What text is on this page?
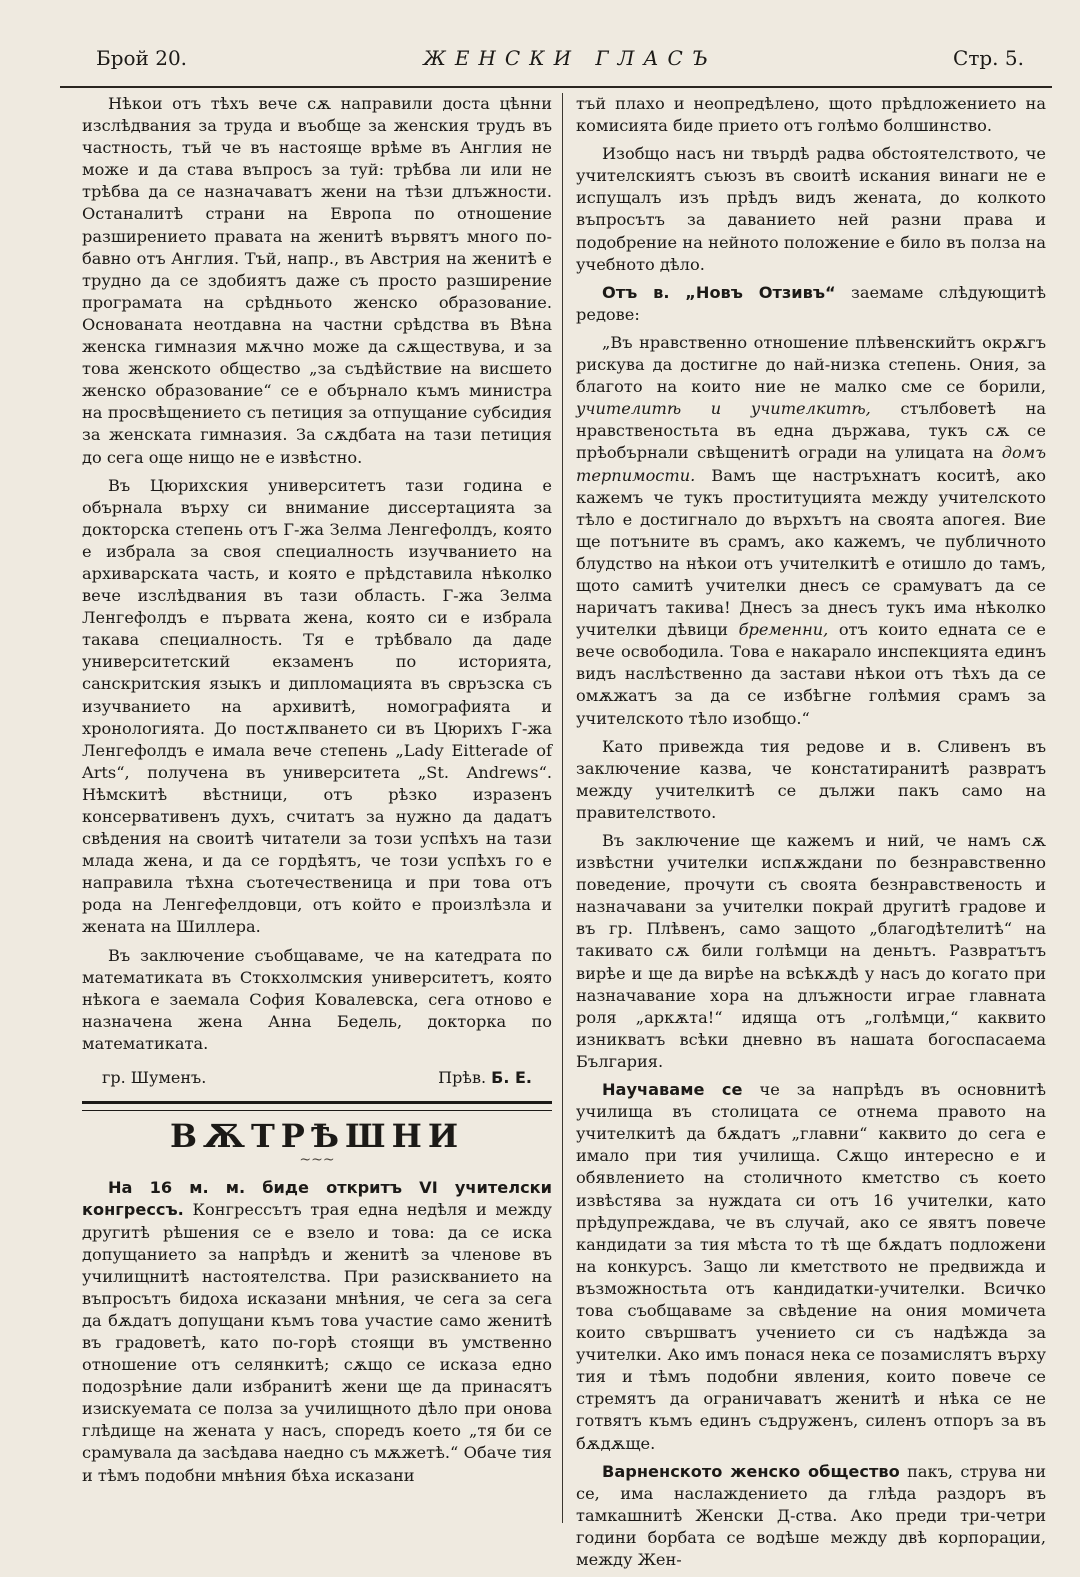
Брой 20.	ЖЕНСКИ ГЛАСЪ	Стр. 5.

Нѣкои отъ тѣхъ вече сѫ направили доста цѣнни изслѣдвания за труда и въобще за женския трудъ въ частность, тъй че въ настояще врѣме въ Англия не може и да става въпросъ за туй: трѣбва ли или не трѣбва да се назначаватъ жени на тѣзи длъжности. Останалитѣ страни на Европа по отношение разширението правата на женитѣ вървятъ много по-бавно отъ Англия. Тъй, напр., въ Австрия на женитѣ е трудно да се здобиятъ даже съ просто разширение програмата на срѣдньото женско образование. Основаната неотдавна на частни срѣдства въ Вѣна женска гимназия мѫчно може да сѫществува, и за това женското общество „за съдѣйствие на висшето женско образование“ се е обърнало къмъ министра на просвѣщението съ петиция за отпущание субсидия за женската гимназия. За сѫдбата на тази петиция до сега още нищо не е извѣстно.

Въ Цюрихския университетъ тази година е обърнала върху си внимание диссертацията за докторска степень отъ Г-жа Зелма Ленгефолдъ, която е избрала за своя специалность изучванието на архиварската часть, и която е прѣдставила нѣколко вече изслѣдвания въ тази область. Г-жа Зелма Ленгефолдъ е първата жена, която си е избрала такава специалность. Тя е трѣбвало да даде университетский екзаменъ по историята, санскритския языкъ и дипломацията въ свръзска съ изучванието на архивитѣ, номографията и хронологията. До постѫпването си въ Цюрихъ Г-жа Ленгефолдъ е имала вече степень „Lady Eitterade of Arts“, получена въ университета „St. Andrews“. Нѣмскитѣ вѣстници, отъ рѣзко изразенъ консервативенъ духъ, считатъ за нужно да дадатъ свѣдения на своитѣ читатели за този успѣхъ на тази млада жена, и да се гордѣятъ, че този успѣхъ го е направила тѣхна съотечественица и при това отъ рода на Ленгефелдовци, отъ който е произлѣзла и жената на Шиллера.

Въ заключение съобщаваме, че на катедрата по математиката въ Стокхолмския университетъ, която нѣкога е заемала София Ковалевска, сега отново е назначена жена Анна Бедель, докторка по математиката.

гр. Шуменъ.	Прѣв. Б. Е.
ВѪТРѢШНИ
~~~

На 16 м. м. биде откритъ VI учителски конгрессъ. Конгрессътъ трая една недѣля и между другитѣ рѣшения се е взело и това: да се иска допущанието за напрѣдъ и женитѣ за членове въ училищнитѣ настоятелства. При разискванието на въпросътъ бидоха исказани мнѣния, че сега за сега да бѫдатъ допущани къмъ това участие само женитѣ въ градоветѣ, като по-горѣ стоящи въ умственно отношение отъ селянкитѣ; сѫщо се исказа едно подозрѣние дали избранитѣ жени ще да принасятъ изискуемата се полза за училищното дѣло при онова глѣдище на жената у насъ, споредъ което „тя би се срамувала да засѣдава наедно съ мѫжетѣ.“ Обаче тия и тѣмъ подобни мнѣния бѣха исказани

тъй плахо и неопредѣлено, щото прѣдложението на комисията биде приeто отъ голѣмо болшинство.

Изобщо насъ ни твърдѣ радва обстоятелството, че учителскиятъ съюзъ въ своитѣ искания винаги не е испущалъ изъ прѣдъ видъ жената, до колкото въпросътъ за даванието ней разни права и подобрение на нейното положение е било въ полза на учебното дѣло.

Отъ в. „Новъ Отзивъ“ заемаме слѣдующитѣ редове:

„Въ нравственно отношение плѣвенскийтъ окрѫгъ рискува да достигне до най-низка степень. Ония, за благото на които ние не малко сме се борили, учителитѣ и учителкитѣ, стълбоветѣ на нравственостьта въ една държава, тукъ сѫ се прѣобърнали свѣщенитѣ огради на улицата на домъ терпимости. Вамъ ще настръхнатъ коситѣ, ако кажемъ че тукъ проституцията между учителското тѣло е достигнало до върхътъ на своята апогея. Вие ще потъните въ срамъ, ако кажемъ, че публичното блудство на нѣкои отъ учителкитѣ е отишло до тамъ, щото самитѣ учителки днесъ се срамуватъ да се наричатъ такива! Днесъ за днесъ тукъ има нѣколко учителки дѣвици бременни, отъ които едната се е вече освободила. Това е накарало инспекцията единъ видъ наслѣственно да застави нѣкои отъ тѣхъ да се омѫжатъ за да се избѣгне голѣмия срамъ за учителското тѣло изобщо.“

Като привежда тия редове и в. Сливенъ въ заключение казва, че констатиранитѣ развратъ между учителкитѣ се дължи пакъ само на правителството.

Въ заключение ще кажемъ и ний, че намъ сѫ извѣстни учителки испѫждани по безнравственно поведение, прочути съ своята безнравственость и назначавани за учителки покрай другитѣ градове и въ гр. Плѣвенъ, само защото „благодѣтелитѣ“ на такивато сѫ били голѣмци на деньтъ. Развратътъ вирѣе и ще да вирѣе на всѣкѫдѣ у насъ до когато при назначавание хора на длъжности играе главната роля „аркѫта!“ идяща отъ „голѣмци,“ каквито изникватъ всѣки дневно въ нашата богоспасаема България.

Научаваме се че за напрѣдъ въ основнитѣ училища въ столицата се отнема правото на учителкитѣ да бѫдатъ „главни“ каквито до сега е имало при тия училища. Сѫщо интересно е и обявлението на столичното кметство съ което извѣстява за нуждата си отъ 16 учителки, като прѣдупреждава, че въ случай, ако се явятъ повече кандидати за тия мѣста то тѣ ще бѫдатъ подложени на конкурсъ. Защо ли кметството не предвижда и възможностьта отъ кандидатки-учителки. Всичко това съобщаваме за свѣдение на ония момичета които свършватъ учението си съ надѣжда за учителки. Ако имъ понася нека се позамислятъ върху тия и тѣмъ подобни явления, които повече се стремятъ да ограничаватъ женитѣ и нѣка се не готвятъ къмъ единъ съдруженъ, силенъ отпоръ за въ бѫдѫще.

Варненското женско общество пакъ, струва ни се, има наслаждението да глѣда раздоръ въ тамкашнитѣ Женски Д-ства. Ако преди три-четри години борбата се водѣше между двѣ корпорации, между Жен-
